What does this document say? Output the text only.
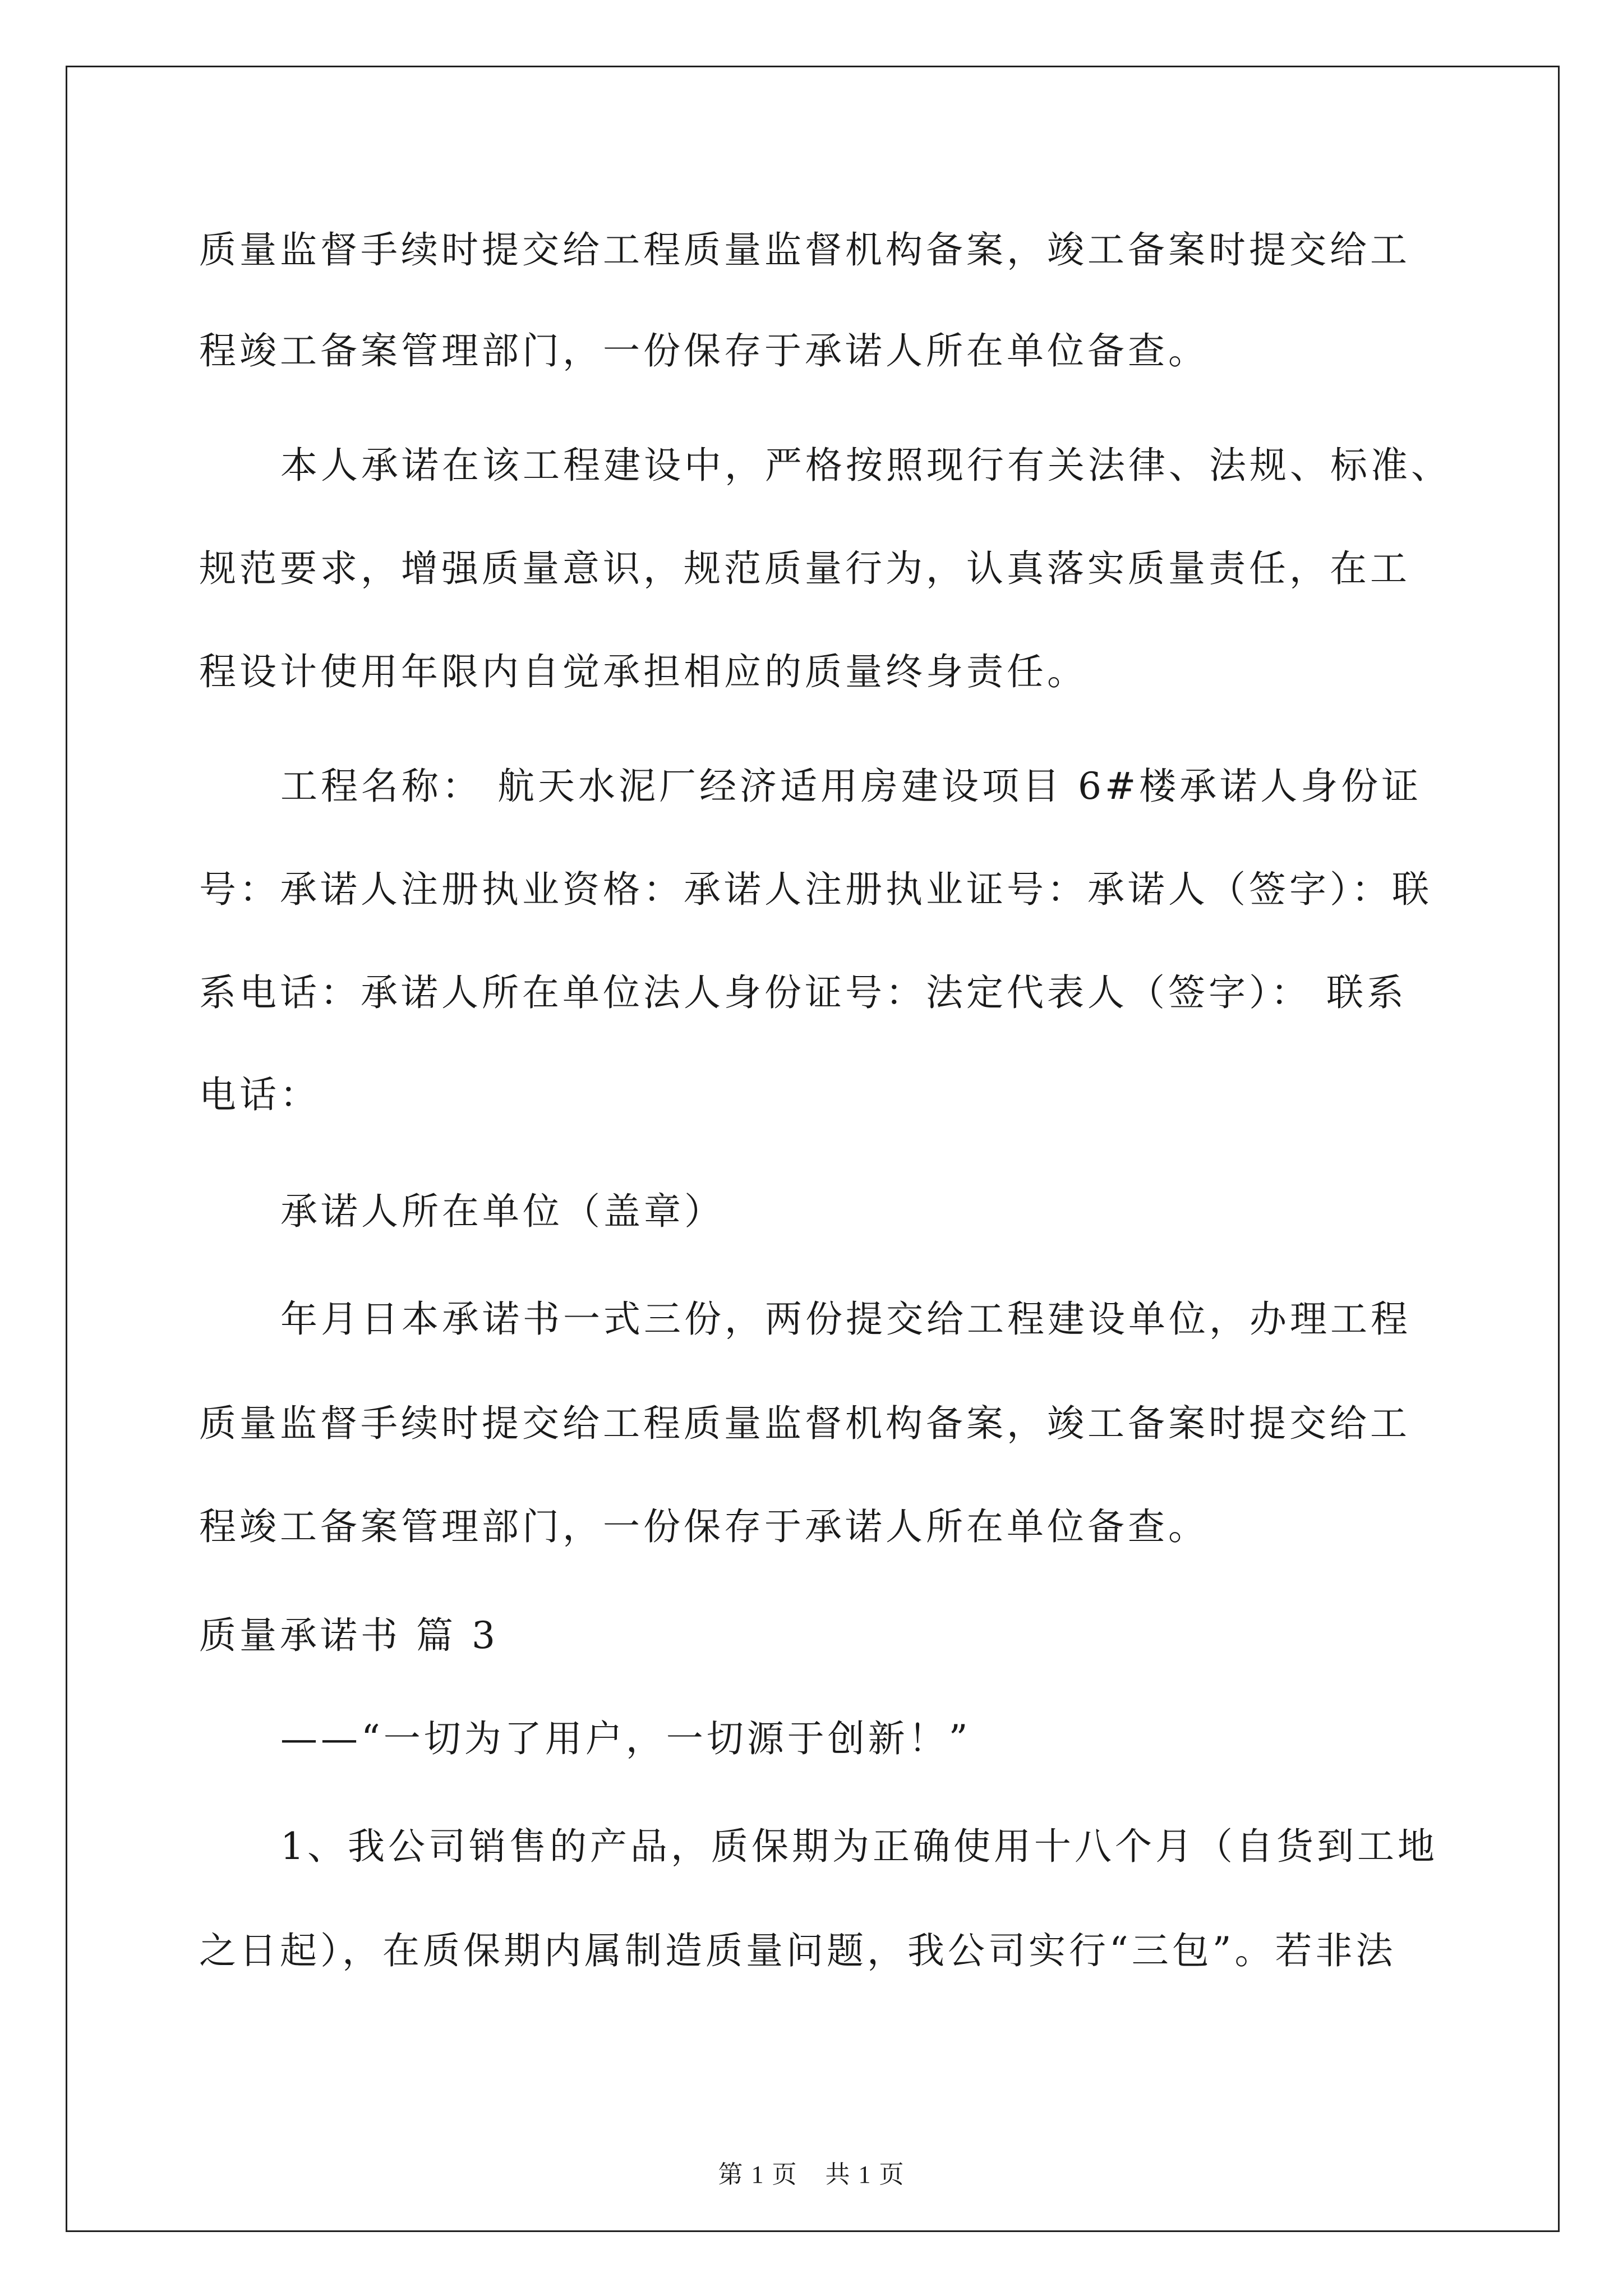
质量监督手续时提交给工程质量监督机构备案，竣工备案时提交给工

程竣工备案管理部门，一份保存于承诺人所在单位备查。

本人承诺在该工程建设中，严格按照现行有关法律、法规、标准、

规范要求，增强质量意识，规范质量行为，认真落实质量责任，在工

程设计使用年限内自觉承担相应的质量终身责任。

工程名称： 航天水泥厂经济适用房建设项目 6#楼承诺人身份证

号：承诺人注册执业资格：承诺人注册执业证号：承诺人（签字）：联

系电话：承诺人所在单位法人身份证号：法定代表人（签字）： 联系

电话：

承诺人所在单位（盖章）

年月日本承诺书一式三份，两份提交给工程建设单位，办理工程

质量监督手续时提交给工程质量监督机构备案，竣工备案时提交给工

程竣工备案管理部门，一份保存于承诺人所在单位备查。

质量承诺书 篇 3

——“一切为了用户，一切源于创新！”

1、我公司销售的产品，质保期为正确使用十八个月（自货到工地

之日起），在质保期内属制造质量问题，我公司实行“三包”。若非法

第 1 页 共 1 页
